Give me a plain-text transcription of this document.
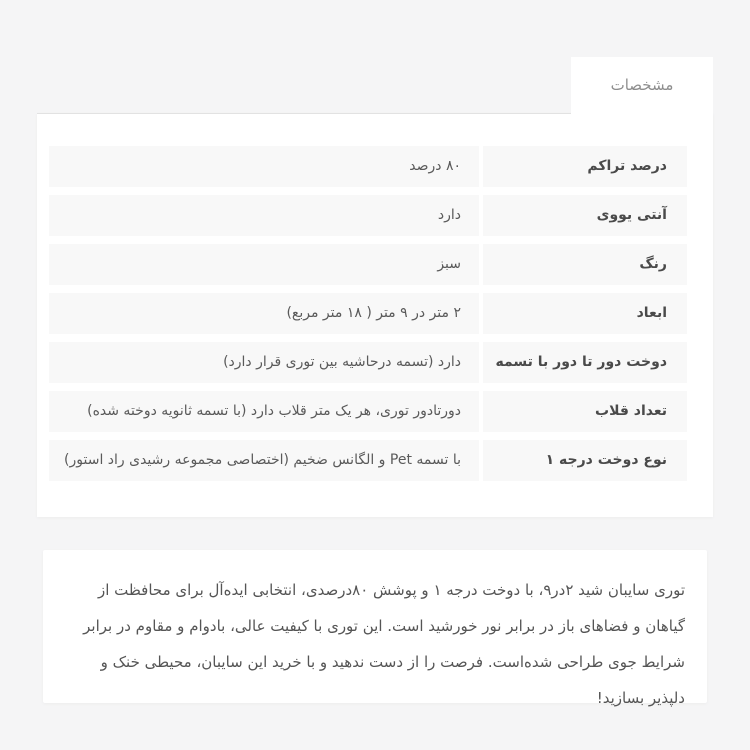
مشخصات
درصد تراکم
۸۰ درصد
آنتی یووی
دارد
رنگ
سبز
ابعاد
۲ متر در ۹ متر ( ۱۸ متر مربع)
دوخت دور تا دور با تسمه
دارد (تسمه درحاشیه بین توری قرار دارد)
تعداد قلاب
دورتادور توری، هر یک متر قلاب دارد (با تسمه ثانویه دوخته شده)
نوع دوخت درجه ۱
با تسمه Pet و الگانس ضخیم (اختصاصی مجموعه رشیدی راد استور)

توری سایبان شید ۲در۹، با دوخت درجه ۱ و پوشش ۸۰درصدی، انتخابی ایده‌آل برای محافظت از گیاهان و فضاهای باز در برابر نور خورشید است. این توری با کیفیت عالی، بادوام و مقاوم در برابر شرایط جوی طراحی شده‌است. فرصت را از دست ندهید و با خرید این سایبان، محیطی خنک و دلپذیر بسازید!
